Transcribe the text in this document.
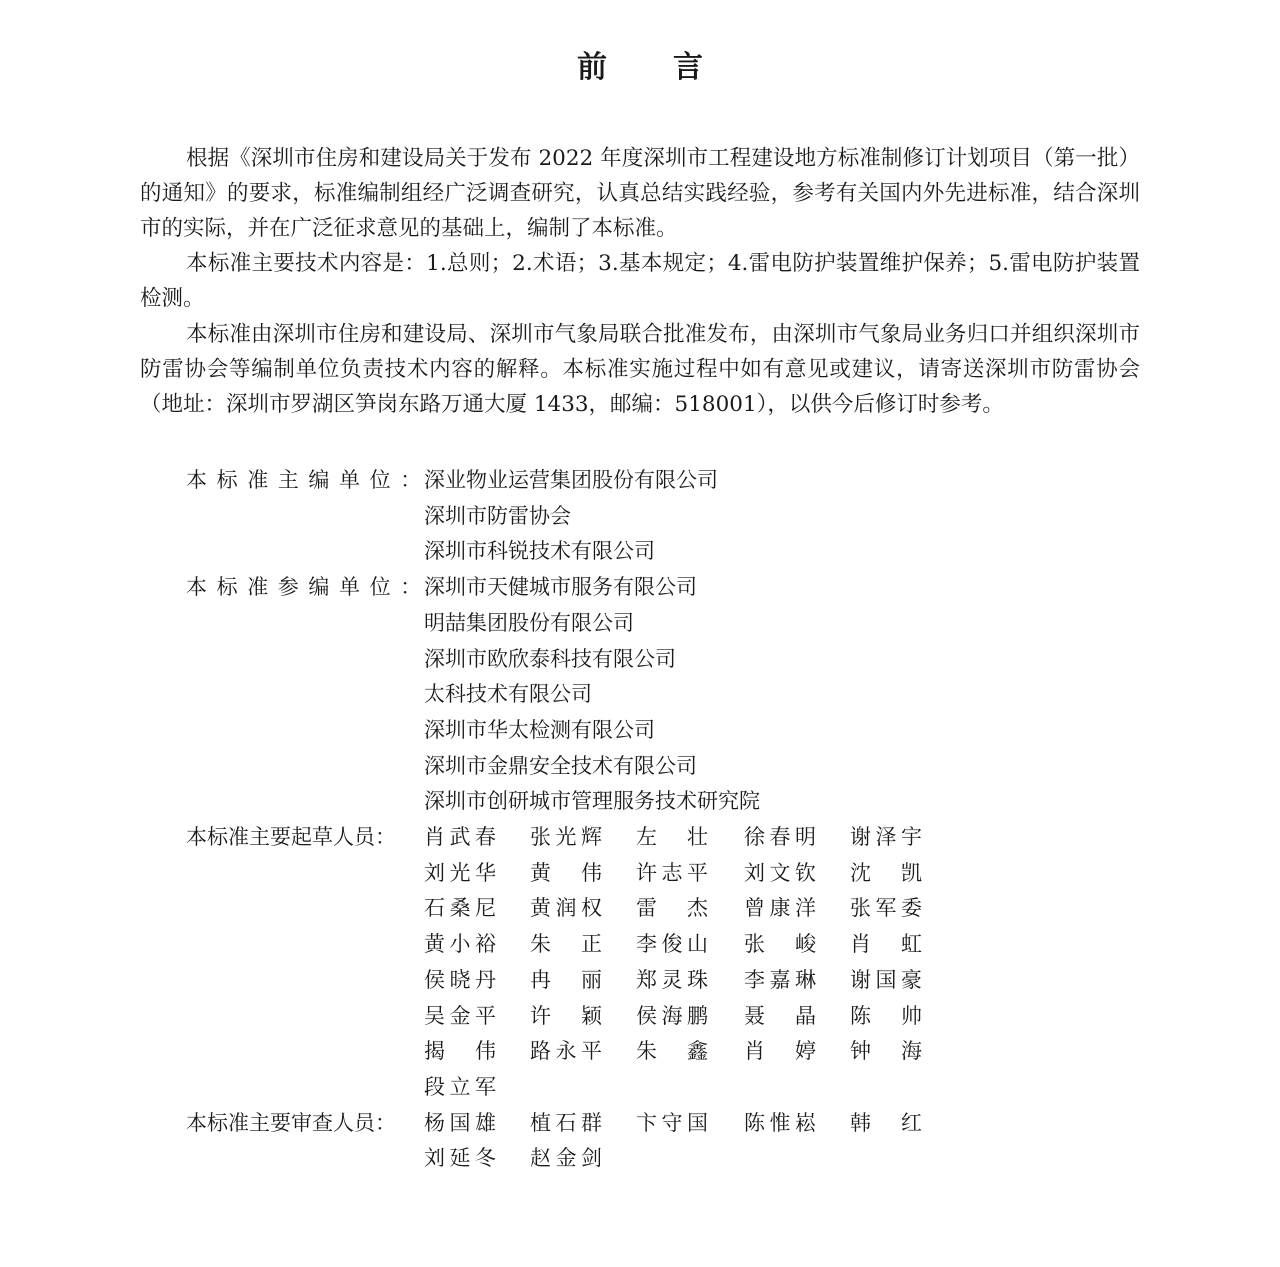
前 言

根据《深圳市住房和建设局关于发布 2022 年度深圳市工程建设地方标准制修订计划项目（第一批）的通知》的要求，标准编制组经广泛调查研究，认真总结实践经验，参考有关国内外先进标准，结合深圳市的实际，并在广泛征求意见的基础上，编制了本标准。

本标准主要技术内容是：1.总则；2.术语；3.基本规定；4.雷电防护装置维护保养；5.雷电防护装置检测。

本标准由深圳市住房和建设局、深圳市气象局联合批准发布，由深圳市气象局业务归口并组织深圳市防雷协会等编制单位负责技术内容的解释。本标准实施过程中如有意见或建议，请寄送深圳市防雷协会（地址：深圳市罗湖区笋岗东路万通大厦 1433，邮编：518001），以供今后修订时参考。

本标准主编单位：
深业物业运营集团股份有限公司
深圳市防雷协会
深圳市科锐技术有限公司
本标准参编单位：
深圳市天健城市服务有限公司
明喆集团股份有限公司
深圳市欧欣泰科技有限公司
太科技术有限公司
深圳市华太检测有限公司
深圳市金鼎安全技术有限公司
深圳市创研城市管理服务技术研究院
本标准主要起草人员： 肖 武 春 张 光 辉 左 壮 徐 春 明 谢 泽 宇
刘 光 华 黄 伟 许 志 平 刘 文 钦 沈 凯
石 桑 尼 黄 润 权 雷 杰 曾 康 洋 张 军 委
黄 小 裕 朱 正 李 俊 山 张 峻 肖 虹
侯 晓 丹 冉 丽 郑 灵 珠 李 嘉 琳 谢 国 豪
吴 金 平 许 颖 侯 海 鹏 聂 晶 陈 帅
揭 伟 路 永 平 朱 鑫 肖 婷 钟 海
段 立 军
本标准主要审查人员： 杨 国 雄 植 石 群 卞 守 国 陈 惟 崧 韩 红
刘 延 冬 赵 金 剑
